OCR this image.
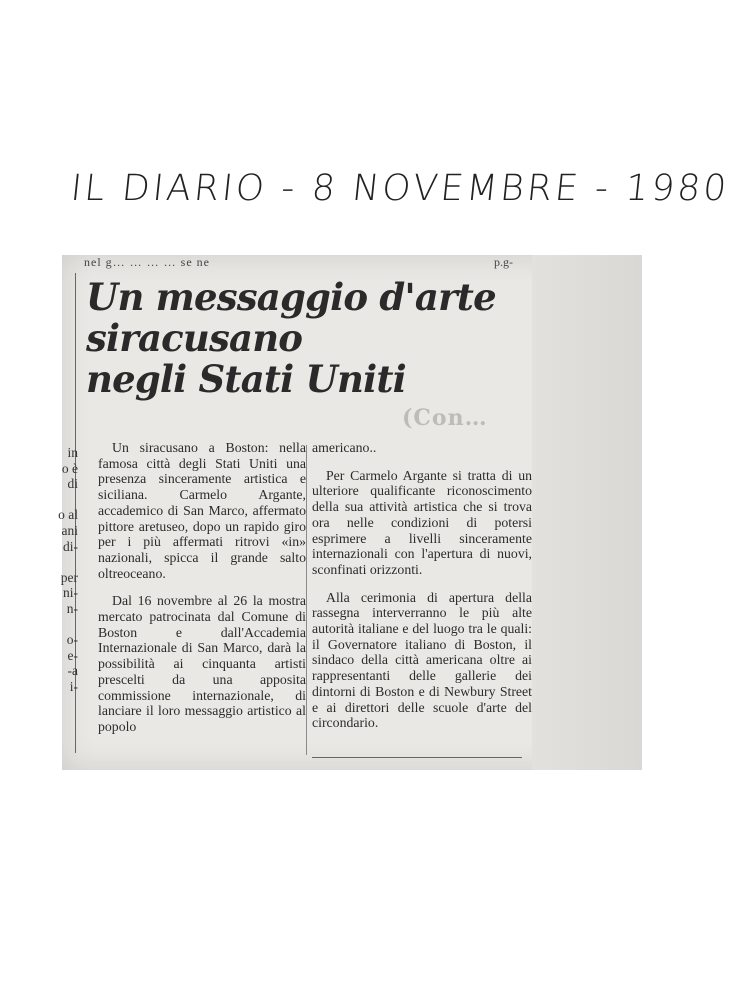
IL DIARIO - 8 NOVEMBRE - 1980
nel g… … … … se ne	p.g-
in
o è
di
o al
ani
di-
per
ni-
n-
o-
e-
-a
i-
Un messaggio d'arte
siracusano
negli Stati Uniti
(Con…

Un siracusano a Boston: nella famosa città degli Stati Uniti una presenza sinceramente artistica e siciliana. Carmelo Argante, accademico di San Marco, affermato pittore aretuseo, dopo un rapido giro per i più affermati ritrovi «in» nazionali, spicca il grande salto oltreoceano.

Dal 16 novembre al 26 la mostra mercato patrocinata dal Comune di Boston e dall'Accademia Internazionale di San Marco, darà la possibilità ai cinquanta artisti prescelti da una apposita commissione internazionale, di lanciare il loro messaggio artistico al popolo

americano..

Per Carmelo Argante si tratta di un ulteriore qualificante riconoscimento della sua attività artistica che si trova ora nelle condizioni di potersi esprimere a livelli sinceramente internazionali con l'apertura di nuovi, sconfinati orizzonti.

Alla cerimonia di apertura della rassegna interverranno le più alte autorità italiane e del luogo tra le quali: il Governatore italiano di Boston, il sindaco della città americana oltre ai rappresentanti delle gallerie dei dintorni di Boston e di Newbury Street e ai direttori delle scuole d'arte del circondario.
